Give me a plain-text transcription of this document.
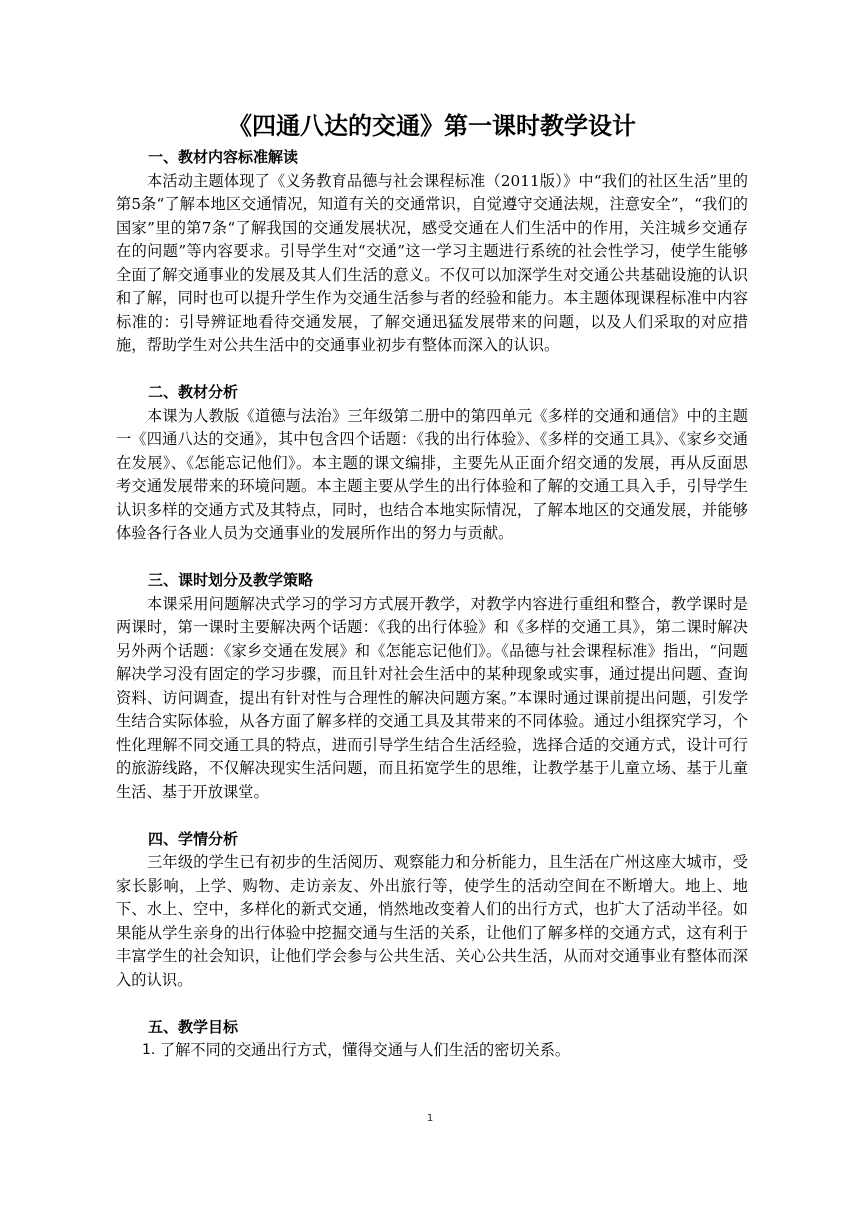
《四通八达的交通》第一课时教学设计
一、教材内容标准解读

本活动主题体现了《义务教育品德与社会课程标准（2011版）》中“我们的社区生活”里的第5条“了解本地区交通情况，知道有关的交通常识，自觉遵守交通法规，注意安全”，“我们的国家”里的第7条“了解我国的交通发展状况，感受交通在人们生活中的作用，关注城乡交通存在的问题”等内容要求。引导学生对“交通”这一学习主题进行系统的社会性学习，使学生能够全面了解交通事业的发展及其人们生活的意义。不仅可以加深学生对交通公共基础设施的认识和了解，同时也可以提升学生作为交通生活参与者的经验和能力。本主题体现课程标准中内容标准的：引导辨证地看待交通发展，了解交通迅猛发展带来的问题，以及人们采取的对应措施，帮助学生对公共生活中的交通事业初步有整体而深入的认识。

二、教材分析

本课为人教版《道德与法治》三年级第二册中的第四单元《多样的交通和通信》中的主题一《四通八达的交通》，其中包含四个话题：《我的出行体验》、《多样的交通工具》、《家乡交通在发展》、《怎能忘记他们》。本主题的课文编排，主要先从正面介绍交通的发展，再从反面思考交通发展带来的环境问题。本主题主要从学生的出行体验和了解的交通工具入手，引导学生认识多样的交通方式及其特点，同时，也结合本地实际情况，了解本地区的交通发展，并能够体验各行各业人员为交通事业的发展所作出的努力与贡献。

三、课时划分及教学策略

本课采用问题解决式学习的学习方式展开教学，对教学内容进行重组和整合，教学课时是两课时，第一课时主要解决两个话题：《我的出行体验》和《多样的交通工具》，第二课时解决另外两个话题：《家乡交通在发展》和《怎能忘记他们》。《品德与社会课程标准》指出，“问题解决学习没有固定的学习步骤，而且针对社会生活中的某种现象或实事，通过提出问题、查询资料、访问调查，提出有针对性与合理性的解决问题方案。”本课时通过课前提出问题，引发学生结合实际体验，从各方面了解多样的交通工具及其带来的不同体验。通过小组探究学习，个性化理解不同交通工具的特点，进而引导学生结合生活经验，选择合适的交通方式，设计可行的旅游线路，不仅解决现实生活问题，而且拓宽学生的思维，让教学基于儿童立场、基于儿童生活、基于开放课堂。

四、学情分析

三年级的学生已有初步的生活阅历、观察能力和分析能力，且生活在广州这座大城市，受家长影响，上学、购物、走访亲友、外出旅行等，使学生的活动空间在不断增大。地上、地下、水上、空中，多样化的新式交通，悄然地改变着人们的出行方式，也扩大了活动半径。如果能从学生亲身的出行体验中挖掘交通与生活的关系，让他们了解多样的交通方式，这有利于丰富学生的社会知识，让他们学会参与公共生活、关心公共生活，从而对交通事业有整体而深入的认识。

五、教学目标
1. 了解不同的交通出行方式，懂得交通与人们生活的密切关系。
1
